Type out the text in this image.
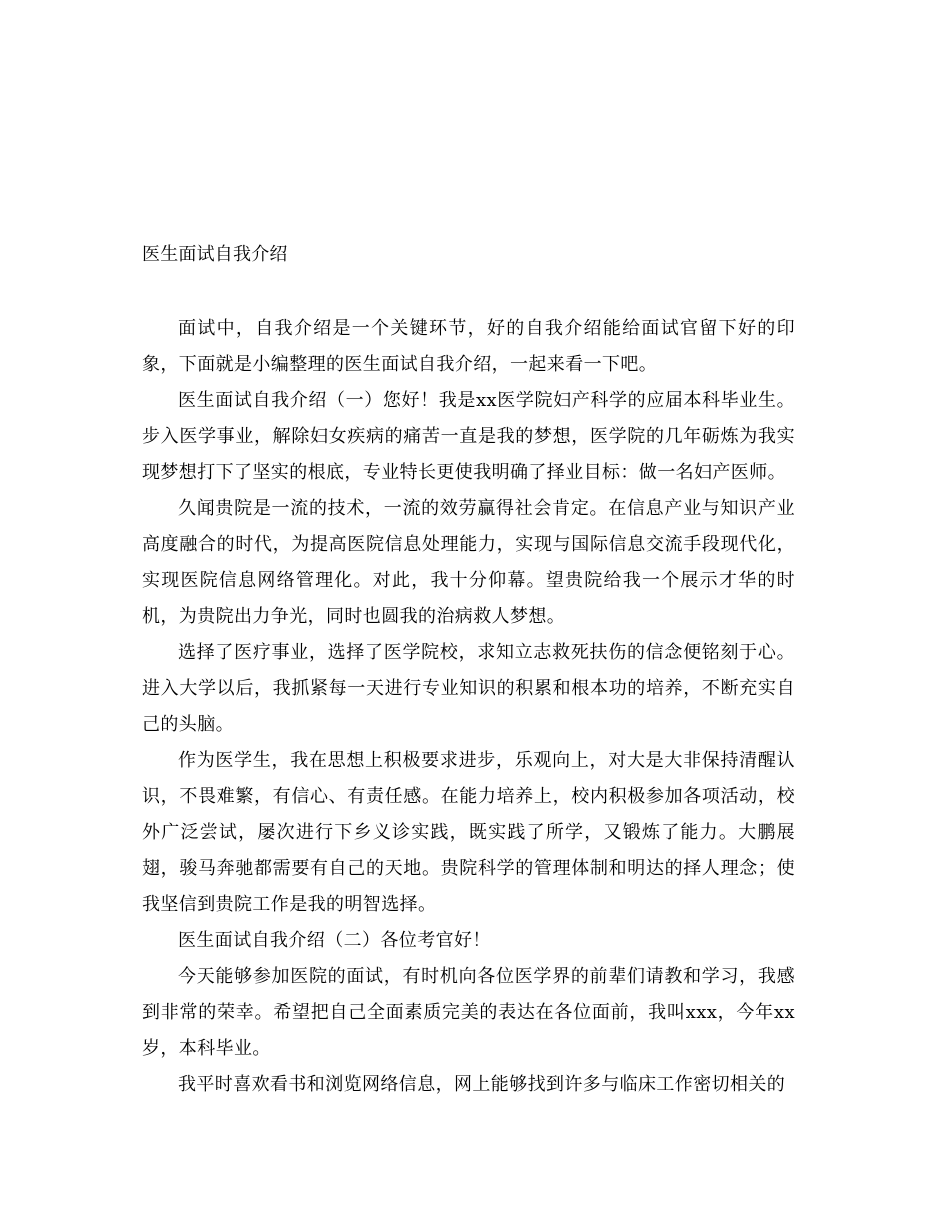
医生面试自我介绍

面试中，自我介绍是一个关键环节，好的自我介绍能给面试官留下好的印象，下面就是小编整理的医生面试自我介绍，一起来看一下吧。

医生面试自我介绍（一）您好！我是xx医学院妇产科学的应届本科毕业生。步入医学事业，解除妇女疾病的痛苦一直是我的梦想，医学院的几年砺炼为我实现梦想打下了坚实的根底，专业特长更使我明确了择业目标：做一名妇产医师。

久闻贵院是一流的技术，一流的效劳赢得社会肯定。在信息产业与知识产业高度融合的时代，为提高医院信息处理能力，实现与国际信息交流手段现代化，实现医院信息网络管理化。对此，我十分仰幕。望贵院给我一个展示才华的时机，为贵院出力争光，同时也圆我的治病救人梦想。

选择了医疗事业，选择了医学院校，求知立志救死扶伤的信念便铭刻于心。进入大学以后，我抓紧每一天进行专业知识的积累和根本功的培养，不断充实自己的头脑。

作为医学生，我在思想上积极要求进步，乐观向上，对大是大非保持清醒认识，不畏难繁，有信心、有责任感。在能力培养上，校内积极参加各项活动，校外广泛尝试，屡次进行下乡义诊实践，既实践了所学，又锻炼了能力。大鹏展翅，骏马奔驰都需要有自己的天地。贵院科学的管理体制和明达的择人理念；使我坚信到贵院工作是我的明智选择。

医生面试自我介绍（二）各位考官好！

今天能够参加医院的面试，有时机向各位医学界的前辈们请教和学习，我感到非常的荣幸。希望把自己全面素质完美的表达在各位面前，我叫xxx，今年xx岁，本科毕业。

我平时喜欢看书和浏览网络信息，网上能够找到许多与临床工作密切相关的
